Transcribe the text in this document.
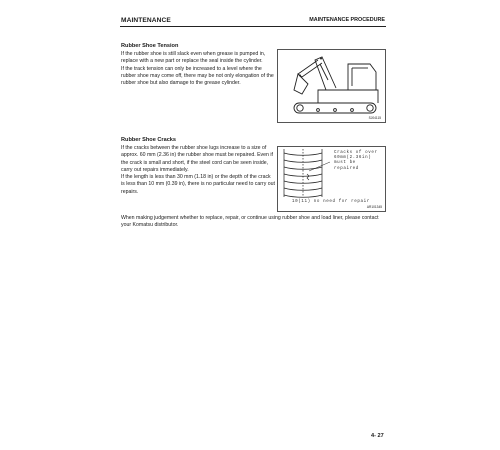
MAINTENANCE	MAINTENANCE PROCEDURE
Rubber Shoe Tension
If the rubber shoe is still slack even when grease is pumped in,
replace with a new part or replace the seal inside the cylinder.
If the track tension can only be increased to a level where the
rubber shoe may come off, there may be not only elongation of the
rubber shoe but also damage to the grease cylinder.
SJ04115
Rubber Shoe Cracks
If the cracks between the rubber shoe lugs increase to a size of
approx. 60 mm (2.36 in) the rubber shoe must be repaired. Even if
the crack is small and short, if the steel cord can be seen inside,
carry out repairs immediately.
If the length is less than 30 mm (1.18 in) or the depth of the crack
is less than 10 mm (0.39 in), there is no particular need to carry out
repairs.
Cracks of over
60mm(2.36in)
must be
repaired
10(11) no need for repair
AR101345
When making judgement whether to replace, repair, or continue using rubber shoe and load liner, please contact
your Komatsu distributor.
4- 27
